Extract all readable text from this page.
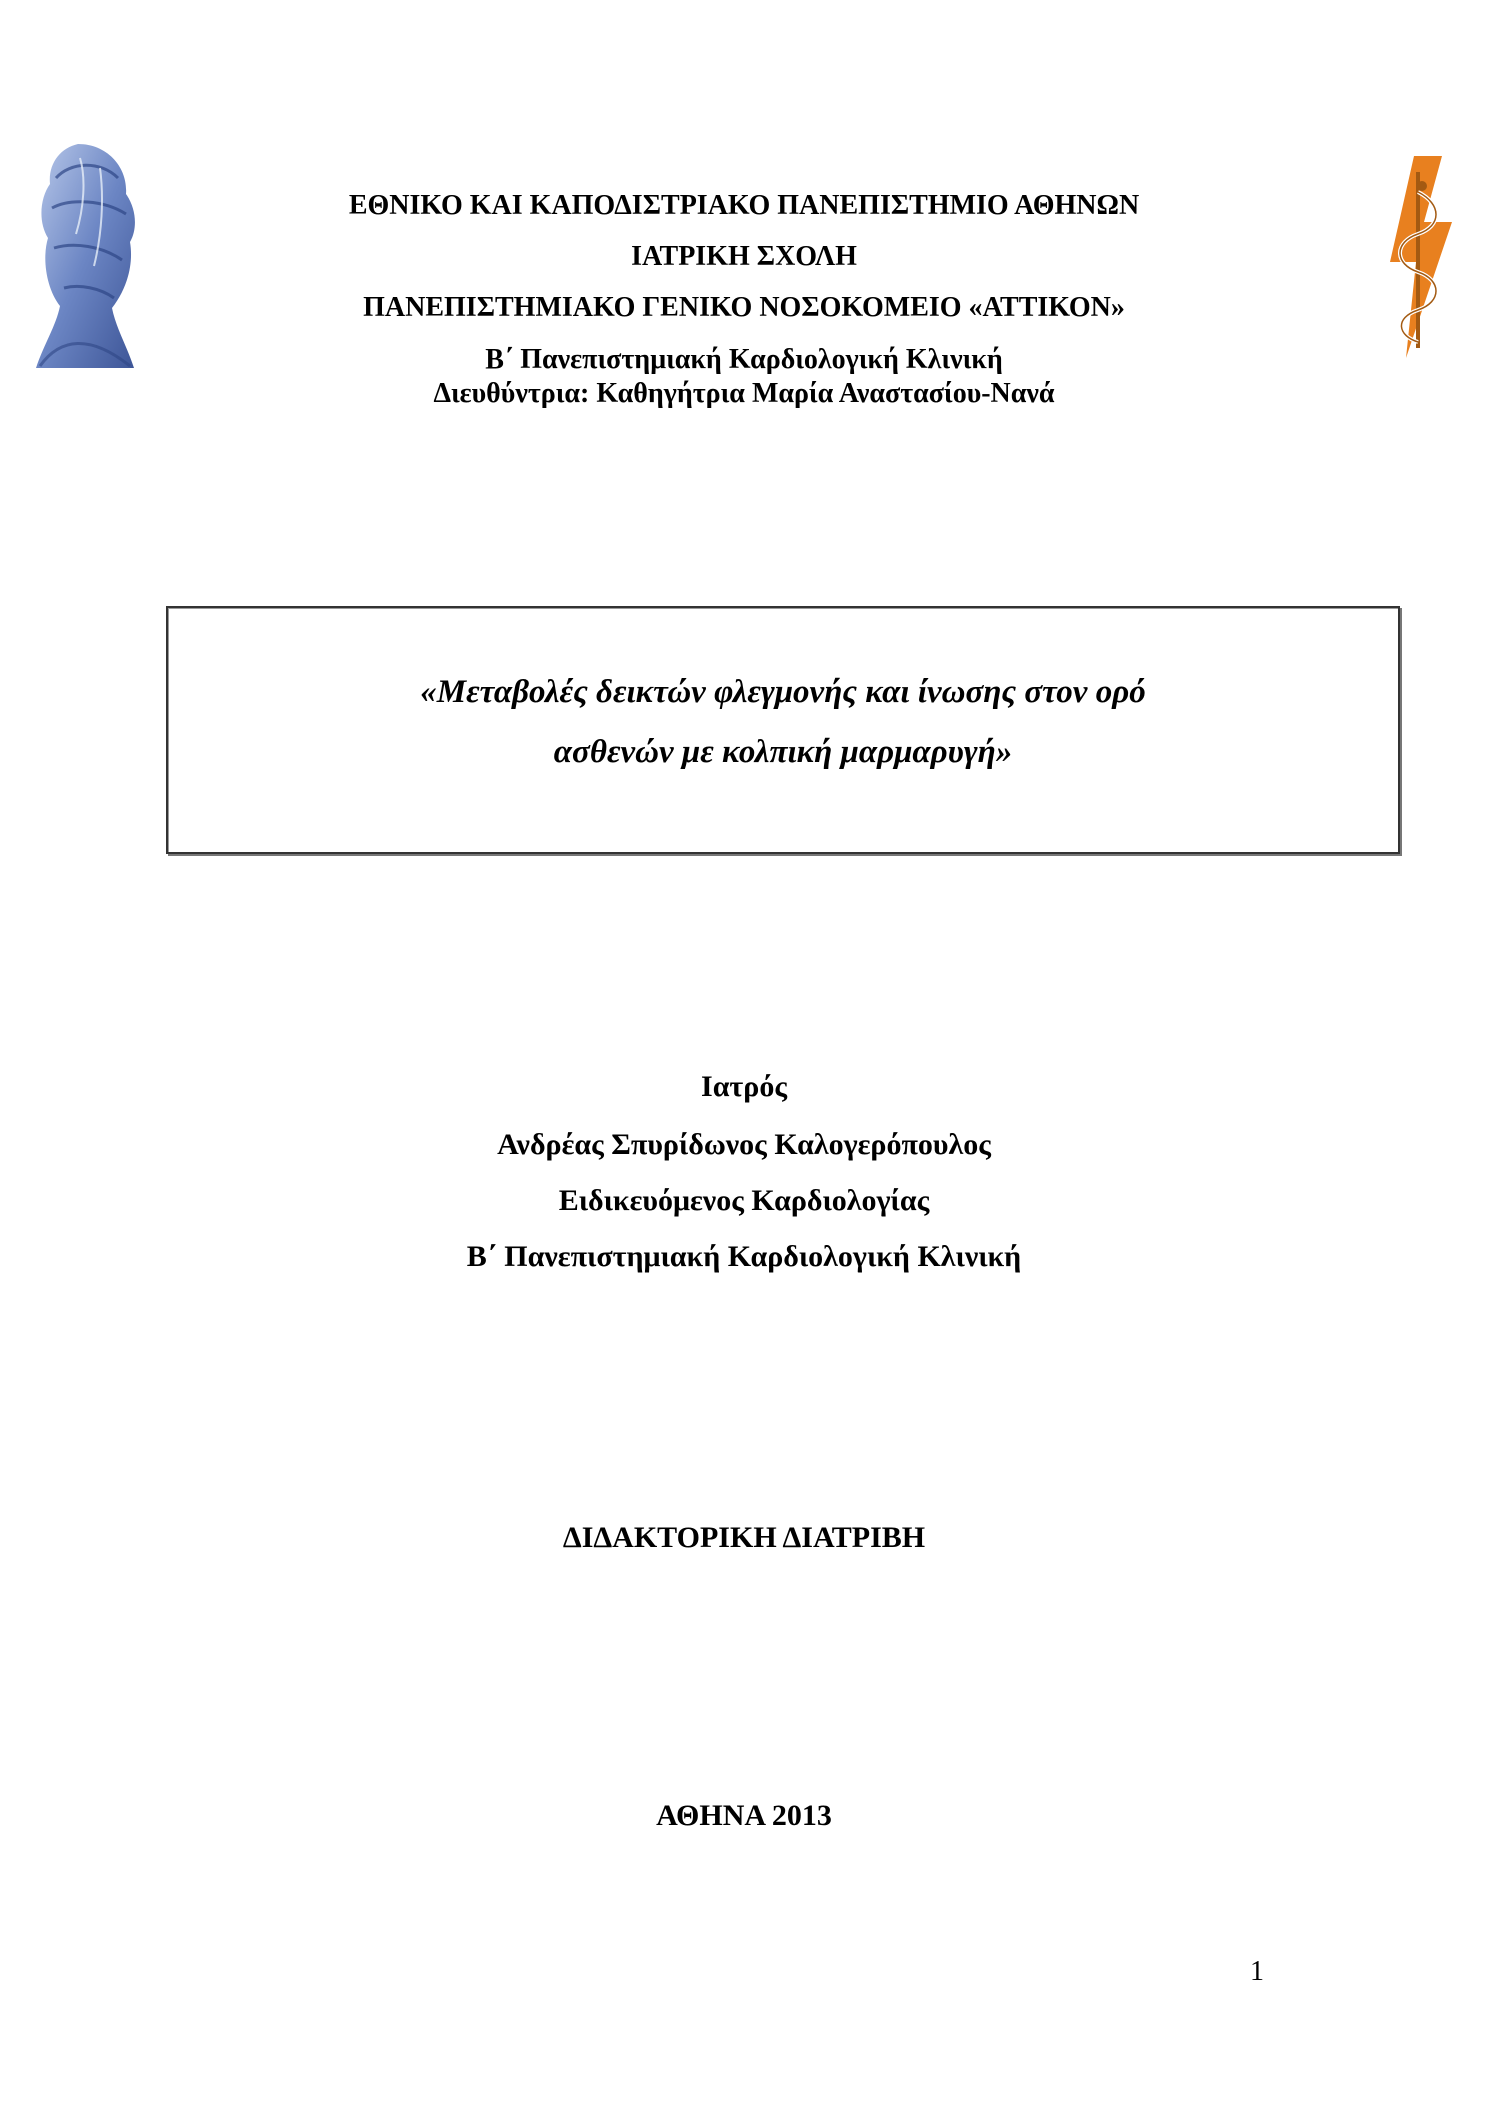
ΕΘΝΙΚΟ ΚΑΙ ΚΑΠΟΔΙΣΤΡΙΑΚΟ ΠΑΝΕΠΙΣΤΗΜΙΟ ΑΘΗΝΩΝ
ΙΑΤΡΙΚΗ ΣΧΟΛΗ
ΠΑΝΕΠΙΣΤΗΜΙΑΚΟ ΓΕΝΙΚΟ ΝΟΣΟΚΟΜΕΙΟ «ΑΤΤΙΚΟΝ»
Β΄ Πανεπιστημιακή Καρδιολογική Κλινική
Διευθύντρια: Καθηγήτρια Μαρία Αναστασίου-Νανά
«Μεταβολές δεικτών φλεγμονής και ίνωσης στον ορό
ασθενών με κολπική μαρμαρυγή»
Ιατρός
Ανδρέας Σπυρίδωνος Καλογερόπουλος
Ειδικευόμενος Καρδιολογίας
Β΄ Πανεπιστημιακή Καρδιολογική Κλινική
ΔΙΔΑΚΤΟΡΙΚΗ ΔΙΑΤΡΙΒΗ
ΑΘΗΝΑ 2013
1
